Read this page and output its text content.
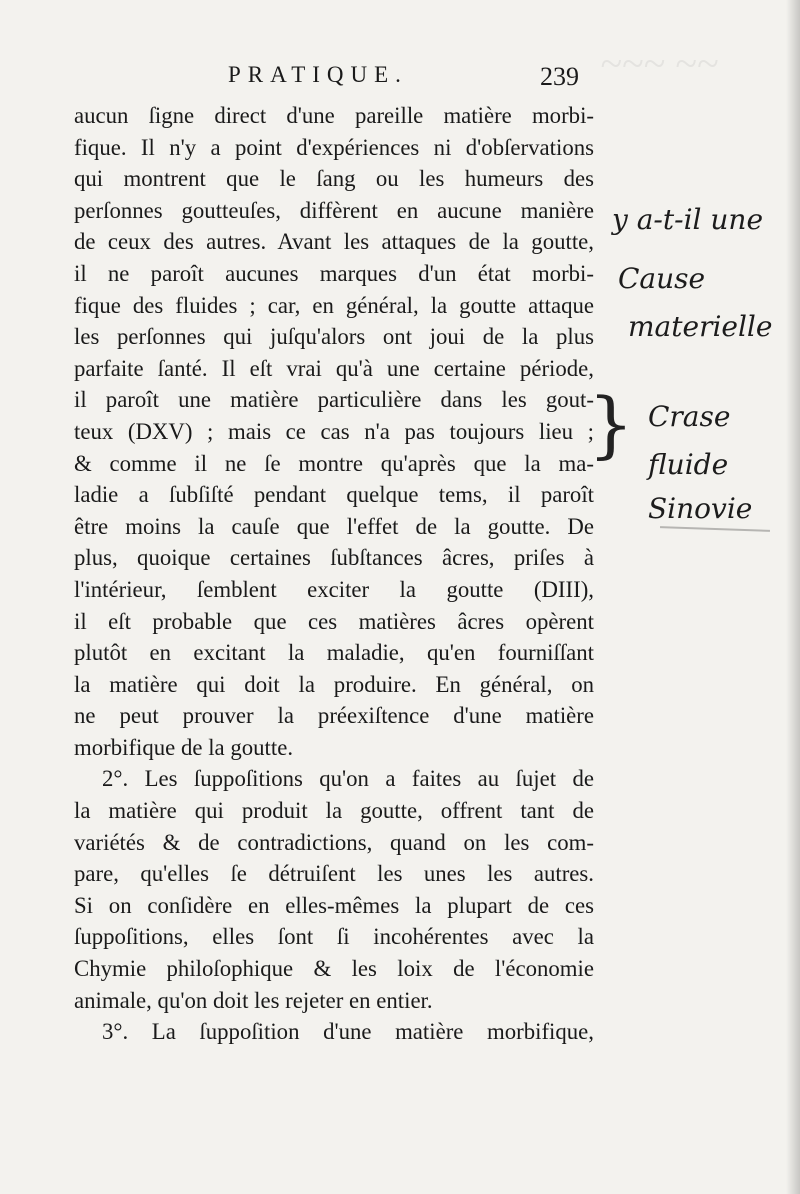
~~~ ~~
PRATIQUE.	239
aucun ſigne direct d'une pareille matière morbi-
fique. Il n'y a point d'expériences ni d'obſervations
qui montrent que le ſang ou les humeurs des
perſonnes goutteuſes, diffèrent en aucune manière
de ceux des autres. Avant les attaques de la goutte,
il ne paroît aucunes marques d'un état morbi-
fique des fluides ; car, en général, la goutte attaque
les perſonnes qui juſqu'alors ont joui de la plus
parfaite ſanté. Il eſt vrai qu'à une certaine période,
il paroît une matière particulière dans les gout-
teux (DXV) ; mais ce cas n'a pas toujours lieu ;
& comme il ne ſe montre qu'après que la ma-
ladie a ſubſiſté pendant quelque tems, il paroît
être moins la cauſe que l'effet de la goutte. De
plus, quoique certaines ſubſtances âcres, priſes à
l'intérieur, ſemblent exciter la goutte (DIII),
il eſt probable que ces matières âcres opèrent
plutôt en excitant la maladie, qu'en fourniſſant
la matière qui doit la produire. En général, on
ne peut prouver la préexiſtence d'une matière
morbifique de la goutte.
2°. Les ſuppoſitions qu'on a faites au ſujet de
la matière qui produit la goutte, offrent tant de
variétés & de contradictions, quand on les com-
pare, qu'elles ſe détruiſent les unes les autres.
Si on conſidère en elles-mêmes la plupart de ces
ſuppoſitions, elles ſont ſi incohérentes avec la
Chymie philoſophique & les loix de l'économie
animale, qu'on doit les rejeter en entier.
3°. La ſuppoſition d'une matière morbifique,
}
y a-t-il une
Cause
materielle
Crase
fluide
Sinovie
